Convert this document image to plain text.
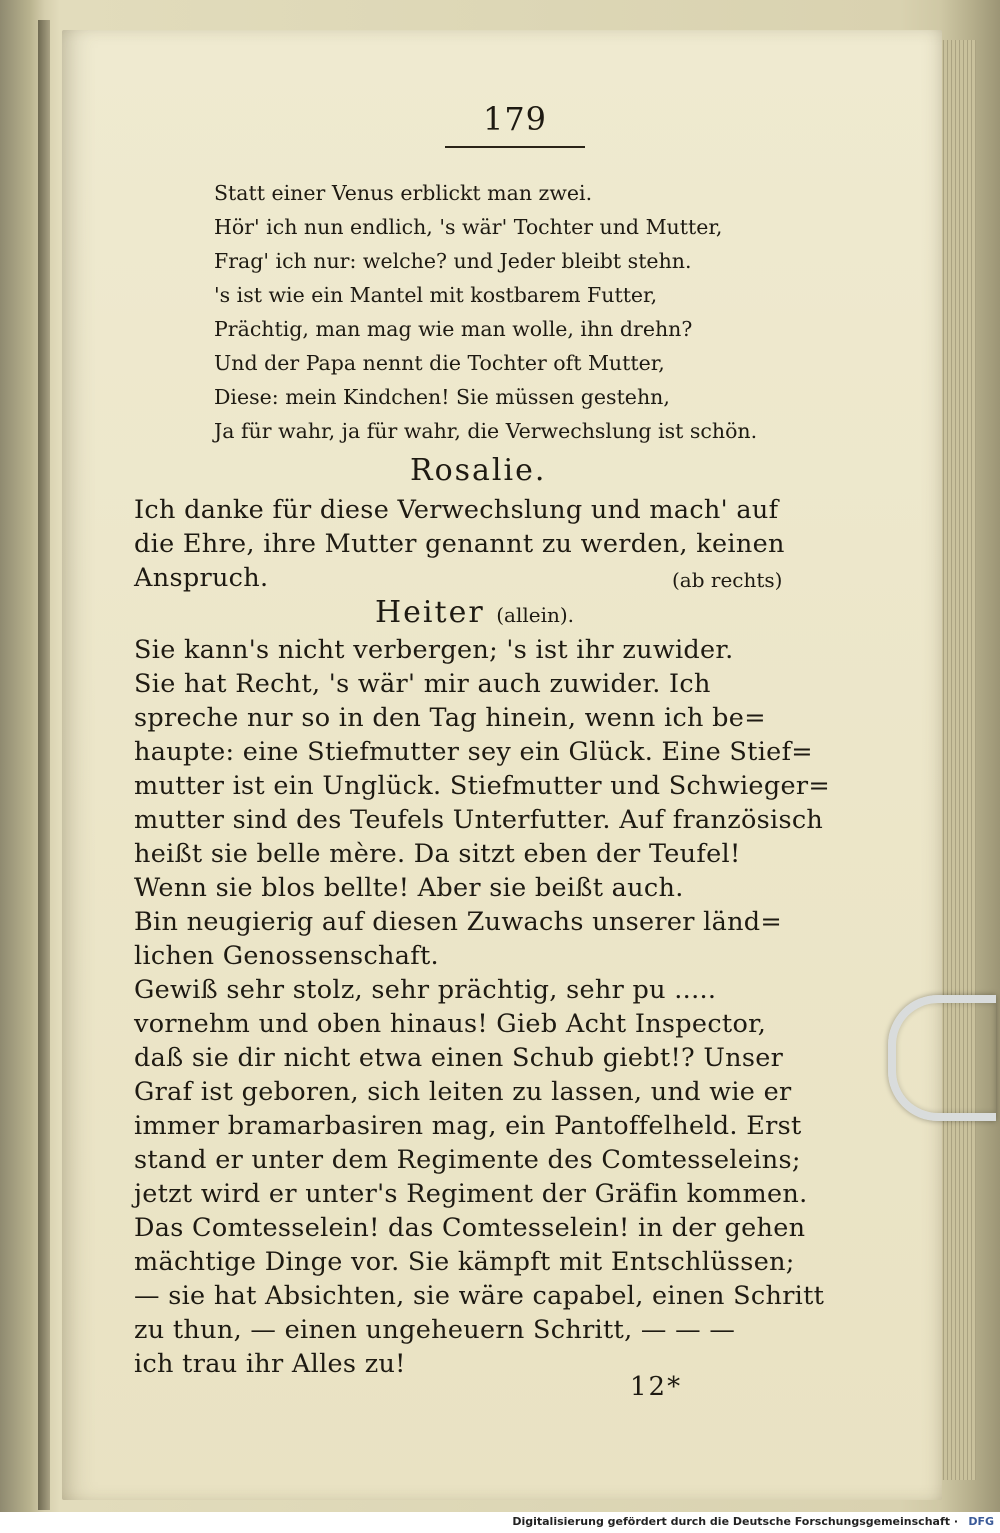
179
Statt einer Venus erblickt man zwei.
Hör' ich nun endlich, 's wär' Tochter und Mutter,
Frag' ich nur: welche? und Jeder bleibt stehn.
's ist wie ein Mantel mit kostbarem Futter,
Prächtig, man mag wie man wolle, ihn drehn?
Und der Papa nennt die Tochter oft Mutter,
Diese: mein Kindchen! Sie müssen gestehn,
Ja für wahr, ja für wahr, die Verwechslung ist schön.
Rosalie.
Ich danke für diese Verwechslung und mach' auf
die Ehre, ihre Mutter genannt zu werden, keinen
Anspruch.	(ab rechts)
Heiter (allein).
Sie kann's nicht verbergen; 's ist ihr zuwider.
Sie hat Recht, 's wär' mir auch zuwider. Ich
spreche nur so in den Tag hinein, wenn ich be=
haupte: eine Stiefmutter sey ein Glück. Eine Stief=
mutter ist ein Unglück. Stiefmutter und Schwieger=
mutter sind des Teufels Unterfutter. Auf französisch
heißt sie belle mère. Da sitzt eben der Teufel!
Wenn sie blos bellte! Aber sie beißt auch.
Bin neugierig auf diesen Zuwachs unserer länd=
lichen Genossenschaft.
Gewiß sehr stolz, sehr prächtig, sehr pu .....
vornehm und oben hinaus! Gieb Acht Inspector,
daß sie dir nicht etwa einen Schub giebt!? Unser
Graf ist geboren, sich leiten zu lassen, und wie er
immer bramarbasiren mag, ein Pantoffelheld. Erst
stand er unter dem Regimente des Comtesseleins;
jetzt wird er unter's Regiment der Gräfin kommen.
Das Comtesselein! das Comtesselein! in der gehen
mächtige Dinge vor. Sie kämpft mit Entschlüssen;
— sie hat Absichten, sie wäre capabel, einen Schritt
zu thun, — einen ungeheuern Schritt, — — —
ich trau ihr Alles zu!
12*
Digitalisierung gefördert durch die Deutsche Forschungsgemeinschaft · DFG
